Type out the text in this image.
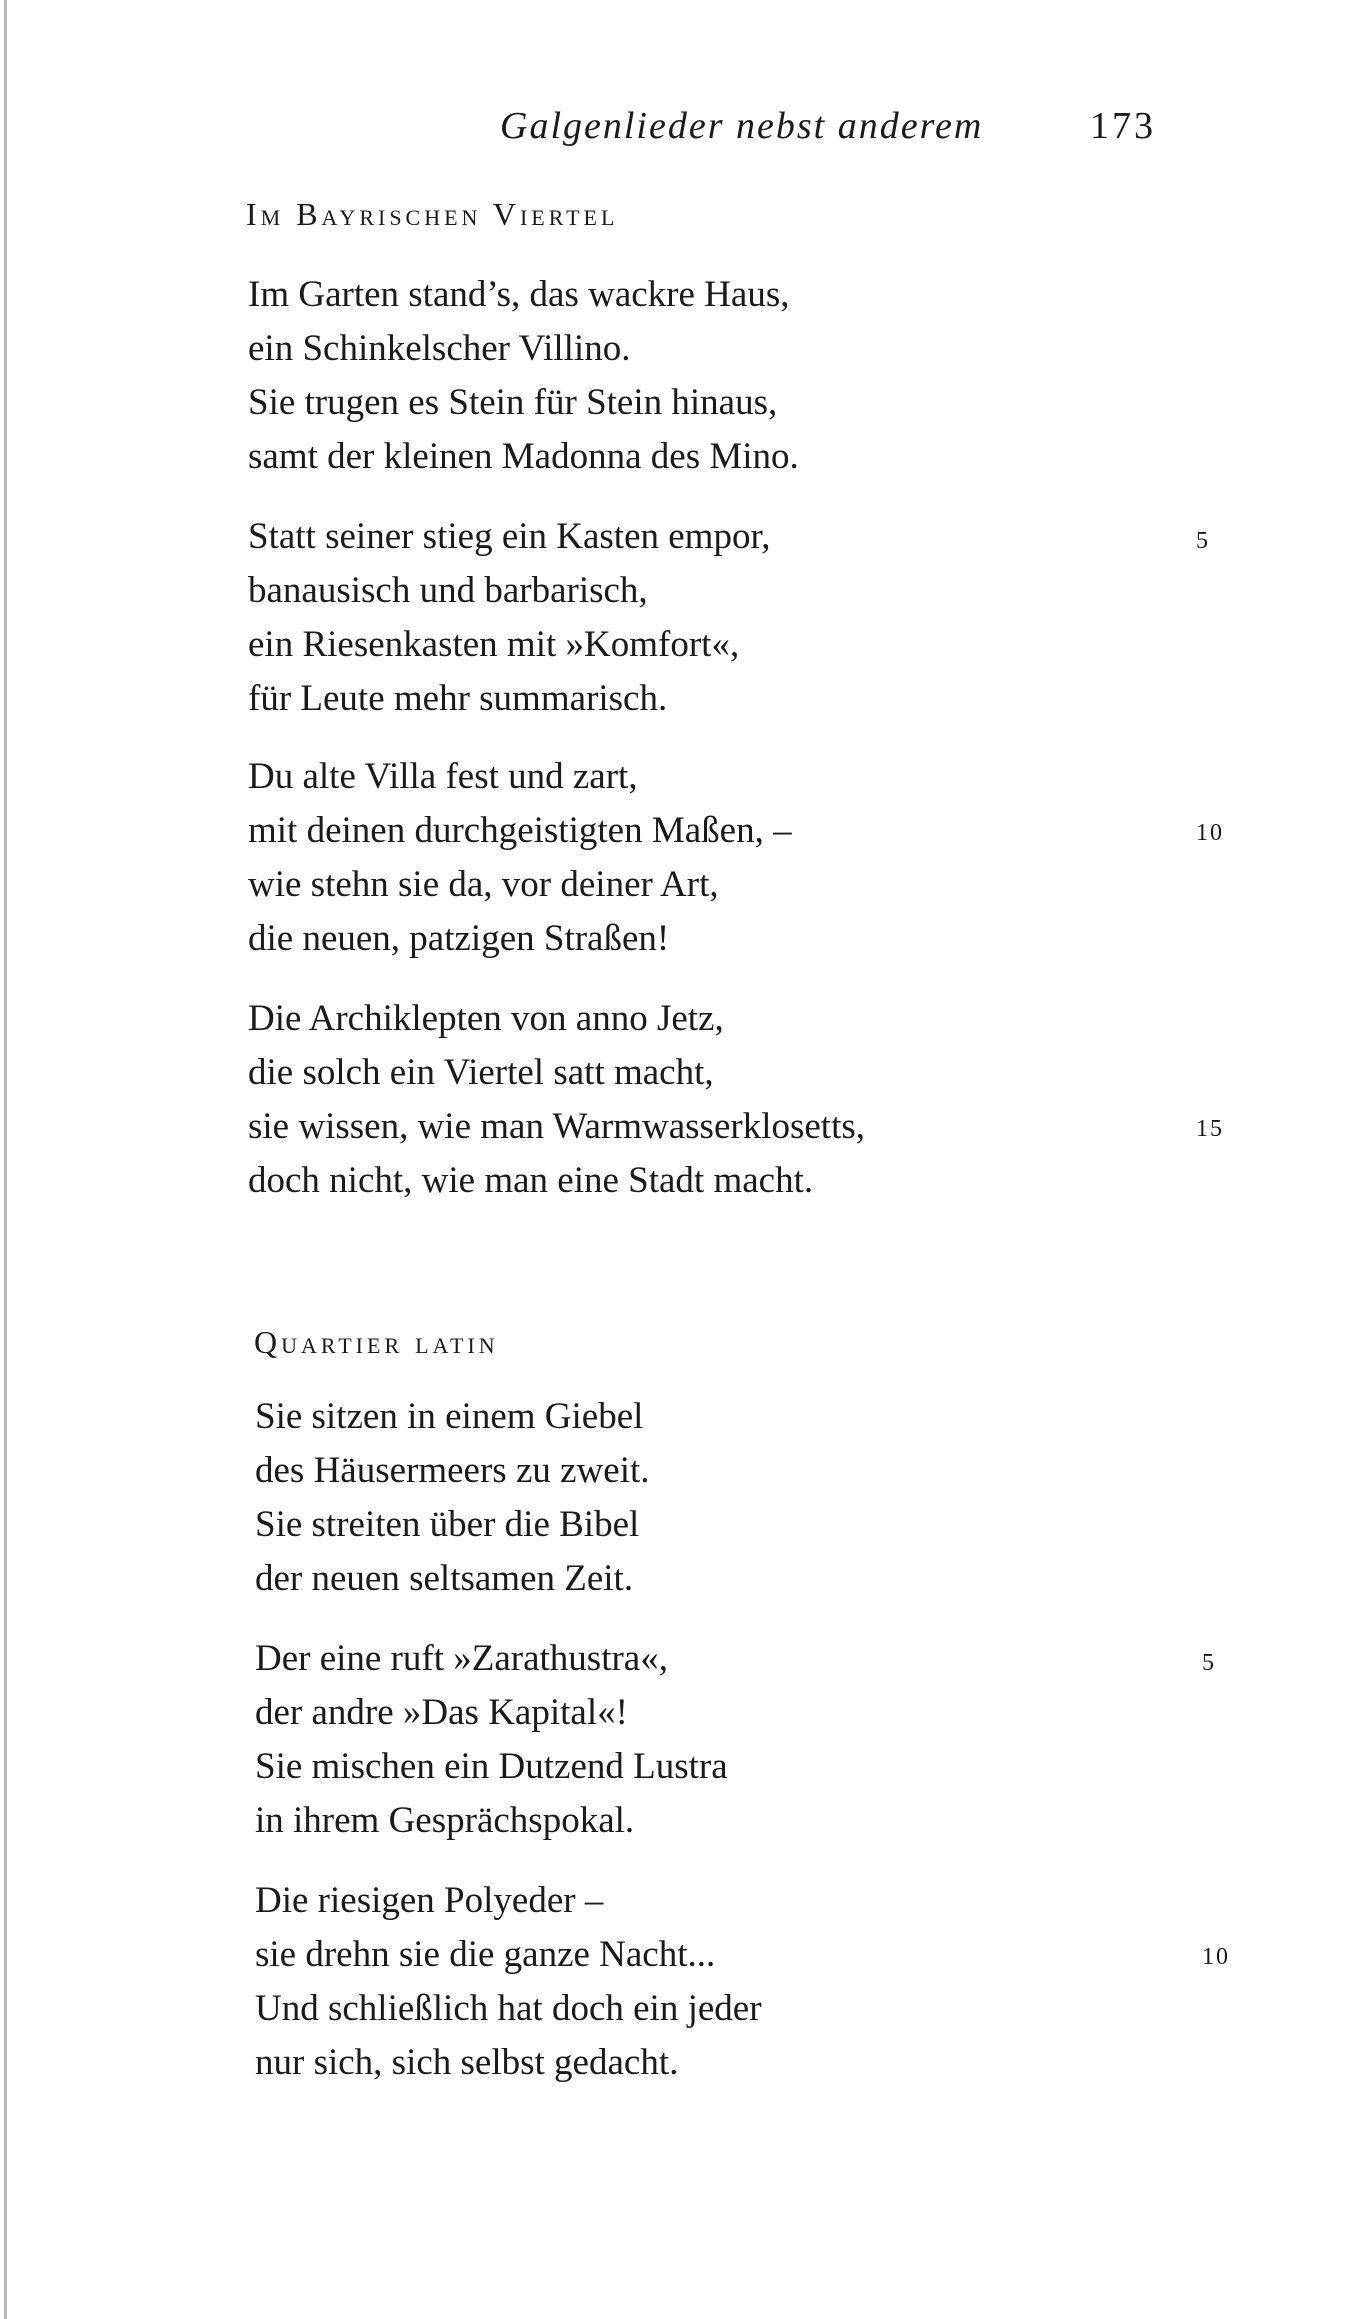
Galgenlieder nebst anderem	173
Im Bayrischen Viertel
Im Garten stand’s, das wackre Haus,
ein Schinkelscher Villino.
Sie trugen es Stein für Stein hinaus,
samt der kleinen Madonna des Mino.
Statt seiner stieg ein Kasten empor,
banausisch und barbarisch,
ein Riesenkasten mit »Komfort«,
für Leute mehr summarisch.
Du alte Villa fest und zart,
mit deinen durchgeistigten Maßen, –
wie stehn sie da, vor deiner Art,
die neuen, patzigen Straßen!
Die Archiklepten von anno Jetz,
die solch ein Viertel satt macht,
sie wissen, wie man Warmwasserklosetts,
doch nicht, wie man eine Stadt macht.
5
10
15
Quartier latin
Sie sitzen in einem Giebel
des Häusermeers zu zweit.
Sie streiten über die Bibel
der neuen seltsamen Zeit.
Der eine ruft »Zarathustra«,
der andre »Das Kapital«!
Sie mischen ein Dutzend Lustra
in ihrem Gesprächspokal.
Die riesigen Polyeder –
sie drehn sie die ganze Nacht...
Und schließlich hat doch ein jeder
nur sich, sich selbst gedacht.
5
10
